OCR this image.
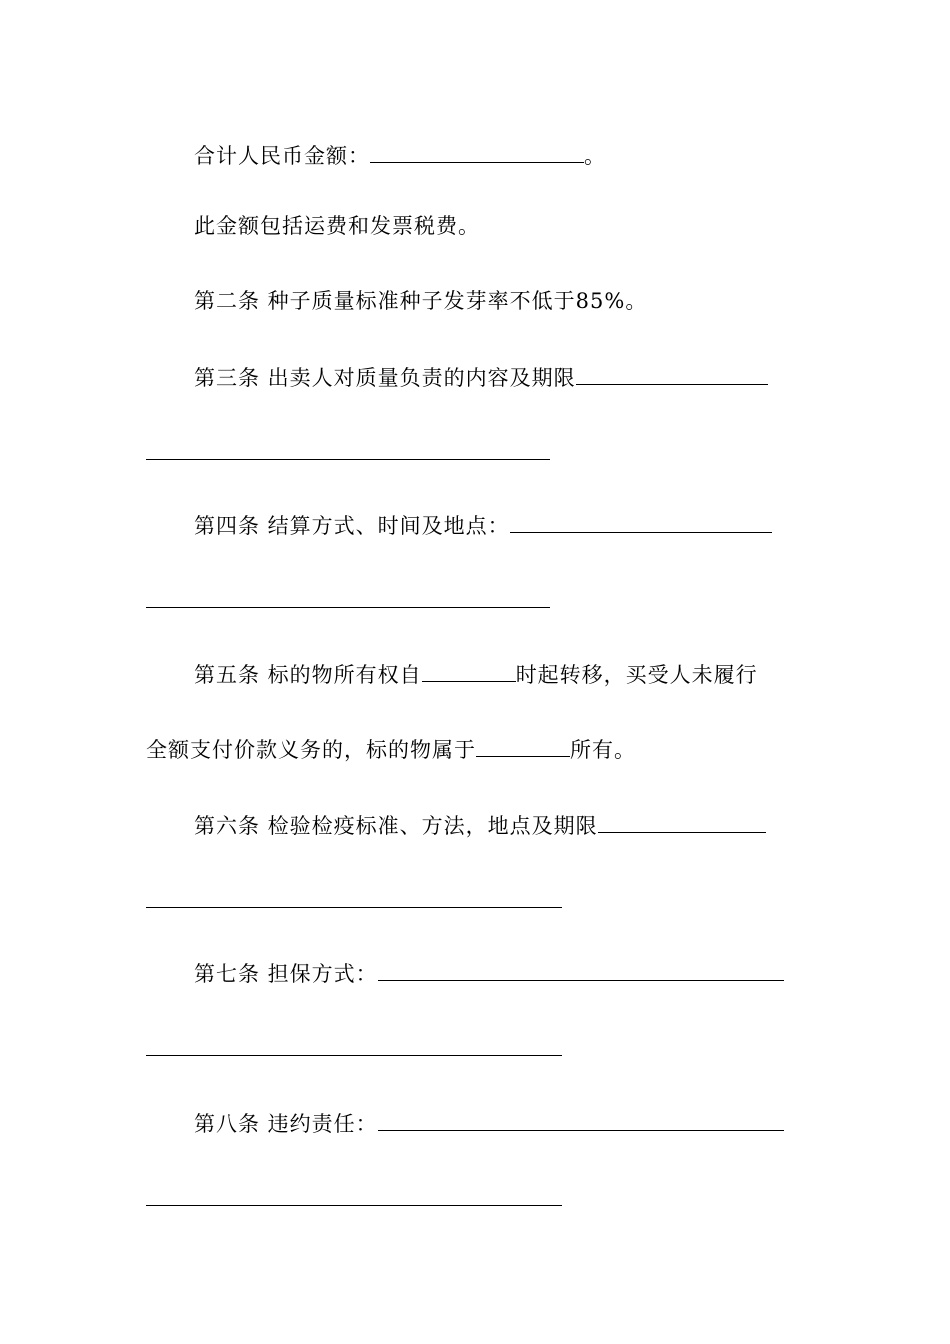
合计人民币金额：	。
此金额包括运费和发票税费。
第二条 种子质量标准种子发芽率不低于85%。
第三条 出卖人对质量负责的内容及期限
第四条 结算方式、时间及地点：
第五条 标的物所有权自	时起转移，买受人未履行
全额支付价款义务的，标的物属于	所有。
第六条 检验检疫标准、方法，地点及期限
第七条 担保方式：
第八条 违约责任：
